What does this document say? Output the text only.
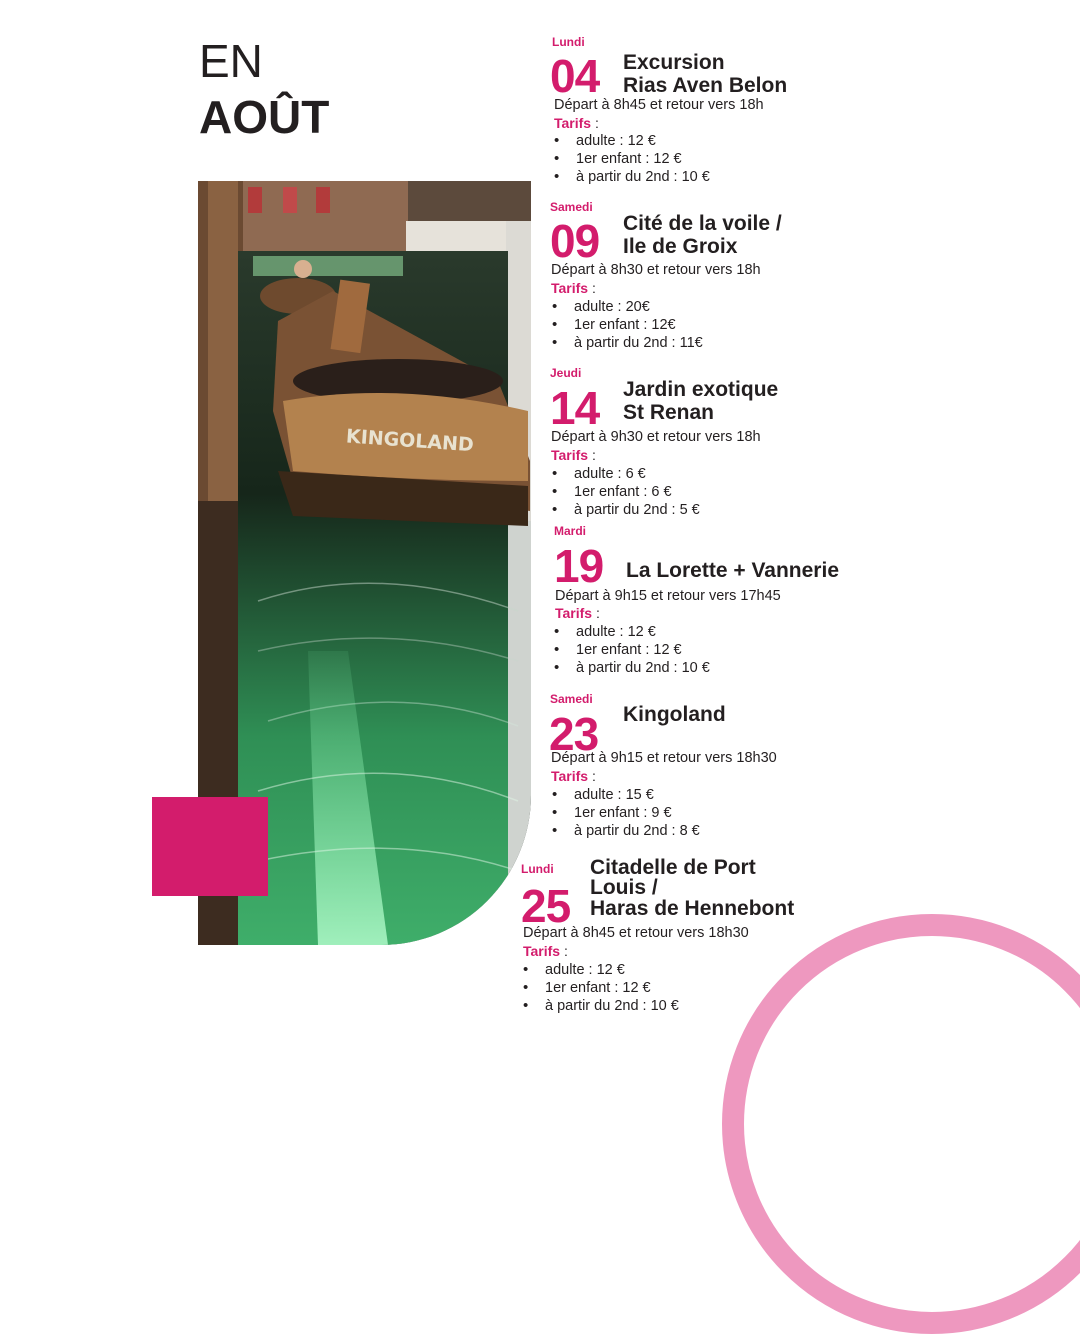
EN
AOÛT
KINGOLAND
Lundi
04 Excursion
Rias Aven Belon
Départ à 8h45 et retour vers 18h
Tarifs :
• adulte : 12 €
• 1er enfant : 12 €
• à partir du 2nd : 10 €
Samedi
09 Cité de la voile /
Ile de Groix
Départ à 8h30 et retour vers 18h
Tarifs :
• adulte : 20€
• 1er enfant : 12€
• à partir du 2nd : 11€
Jeudi
14 Jardin exotique
St Renan
Départ à 9h30 et retour vers 18h
Tarifs :
• adulte : 6 €
• 1er enfant : 6 €
• à partir du 2nd : 5 €
Mardi
19 La Lorette + Vannerie
Départ à 9h15 et retour vers 17h45
Tarifs :
• adulte : 12 €
• 1er enfant : 12 €
• à partir du 2nd : 10 €
Samedi
23 Kingoland
Départ à 9h15 et retour vers 18h30
Tarifs :
• adulte : 15 €
• 1er enfant : 9 €
• à partir du 2nd : 8 €
Lundi
25
Citadelle de Port
Louis /
Haras de Hennebont
Départ à 8h45 et retour vers 18h30
Tarifs :
• adulte : 12 €
• 1er enfant : 12 €
• à partir du 2nd : 10 €
